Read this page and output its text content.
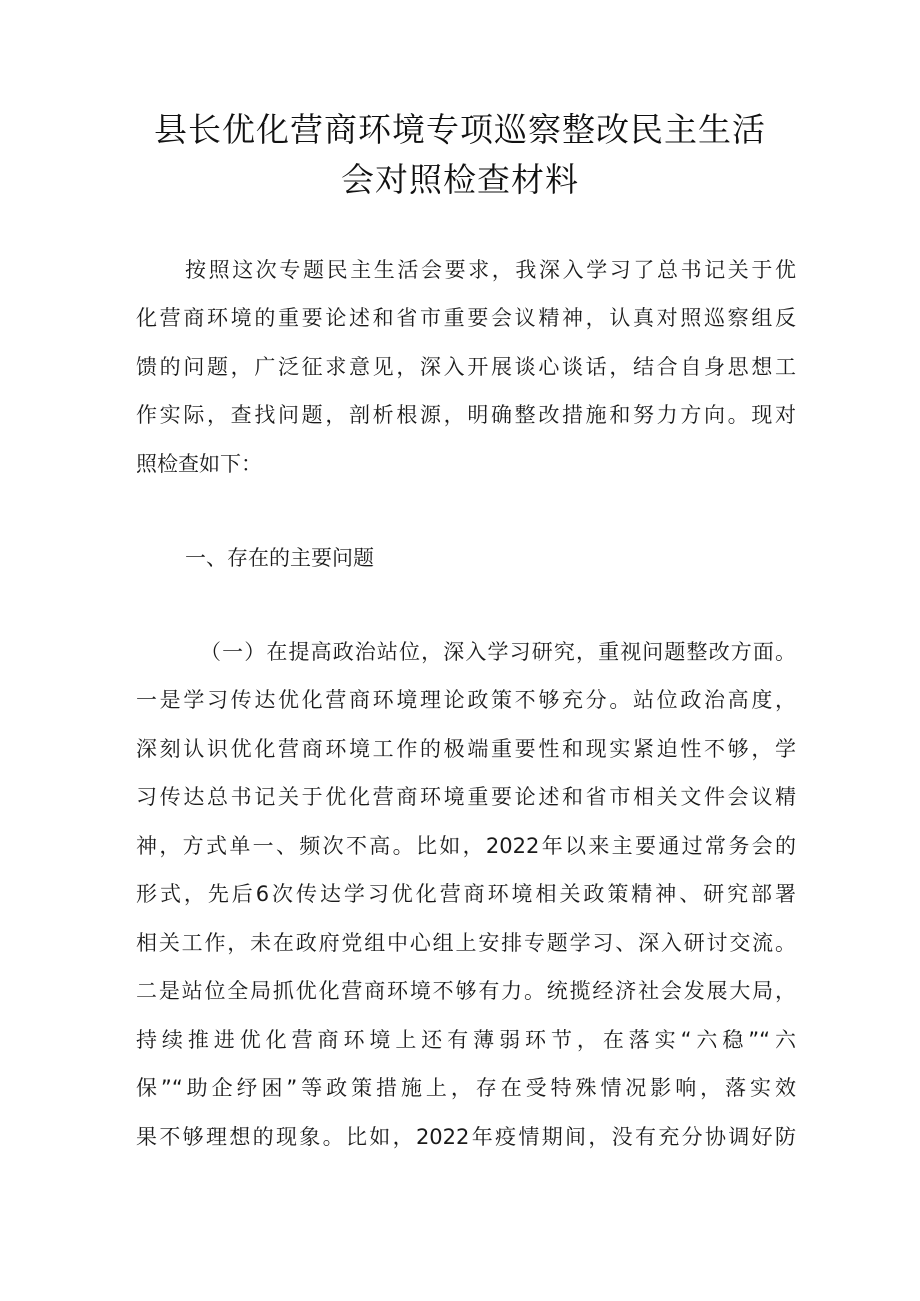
县长优化营商环境专项巡察整改民主生活
会对照检查材料
按照这次专题民主生活会要求，我深入学习了总书记关于优
化营商环境的重要论述和省市重要会议精神，认真对照巡察组反
馈的问题，广泛征求意见，深入开展谈心谈话，结合自身思想工
作实际，查找问题，剖析根源，明确整改措施和努力方向。现对
照检查如下：
一、存在的主要问题
（一）在提高政治站位，深入学习研究，重视问题整改方面。
一是学习传达优化营商环境理论政策不够充分。站位政治高度，
深刻认识优化营商环境工作的极端重要性和现实紧迫性不够，学
习传达总书记关于优化营商环境重要论述和省市相关文件会议精
神，方式单一、频次不高。比如，2022年以来主要通过常务会的
形式，先后6次传达学习优化营商环境相关政策精神、研究部署
相关工作，未在政府党组中心组上安排专题学习、深入研讨交流。
二是站位全局抓优化营商环境不够有力。统揽经济社会发展大局，
持续推进优化营商环境上还有薄弱环节，在落实“六稳”“六
保”“助企纾困”等政策措施上，存在受特殊情况影响，落实效
果不够理想的现象。比如，2022年疫情期间，没有充分协调好防
